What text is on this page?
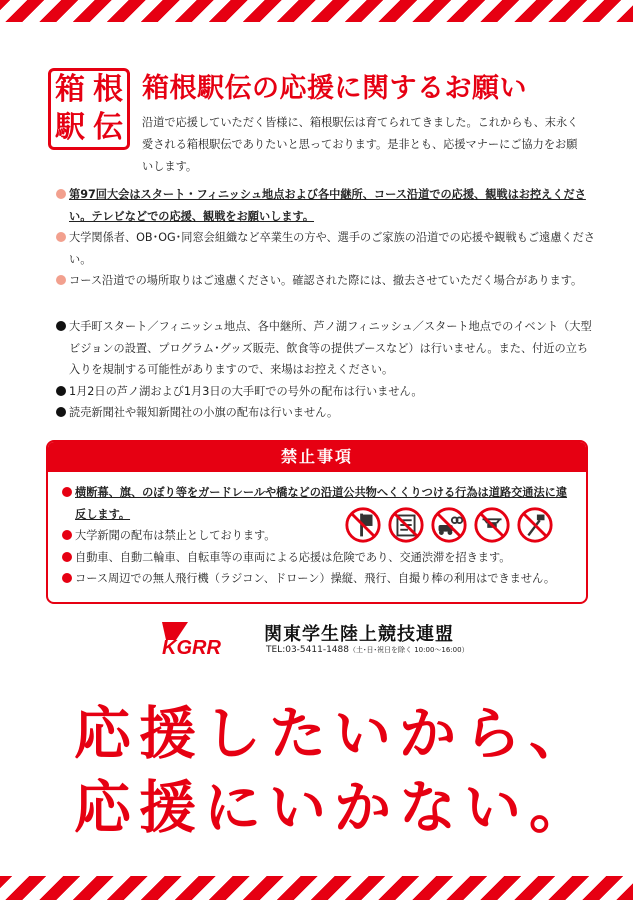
箱 根
駅 伝
箱根駅伝の応援に関するお願い
沿道で応援していただく皆様に、箱根駅伝は育てられてきました。これからも、末永く愛される箱根駅伝でありたいと思っております。是非とも、応援マナーにご協力をお願いします。
第97回大会はスタート・フィニッシュ地点および各中継所、コース沿道での応援、観戦はお控えください。テレビなどでの応援、観戦をお願いします。
大学関係者、OB･OG･同窓会組織など卒業生の方や、選手のご家族の沿道での応援や観戦もご遠慮ください。
コース沿道での場所取りはご遠慮ください。確認された際には、撤去させていただく場合があります。
大手町スタート／フィニッシュ地点、各中継所、芦ノ湖フィニッシュ／スタート地点でのイベント（大型ビジョンの設置、プログラム･グッズ販売、飲食等の提供ブースなど）は行いません。また、付近の立ち入りを規制する可能性がありますので、来場はお控えください。
1月2日の芦ノ湖および1月3日の大手町での号外の配布は行いません。
読売新聞社や報知新聞社の小旗の配布は行いません。
禁止事項
横断幕、旗、のぼり等をガードレールや橋などの沿道公共物へくくりつける行為は道路交通法に違反します。
大学新聞の配布は禁止としております。
自動車、自動二輪車、自転車等の車両による応援は危険であり、交通渋滞を招きます。
コース周辺での無人飛行機（ラジコン、ドローン）操縦、飛行、自撮り棒の利用はできません。
KGRR
関東学生陸上競技連盟
TEL:03-5411-1488（土･日･祝日を除く 10:00〜16:00）
応援したいから、
応援にいかない。
